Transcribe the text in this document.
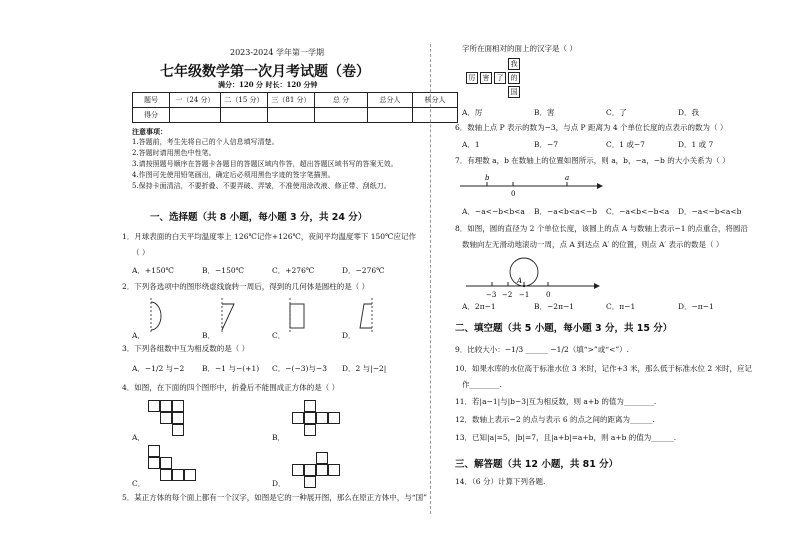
2023-2024 学年第一学期
七年级数学第一次月考试题（卷）
满分：120 分 时长：120 分钟
题号	一（24 分）	二（15 分）	三（81 分）	总 分	总分人	核分人
得分						
注意事项：
1.答题前，考生先将自己的个人信息填写清楚。
2.答题时请用黑色中性笔。
3.请按照题号顺序在答题卡各题目的答题区域内作答，超出答题区域书写的答案无效。
4.作图可先使用铅笔画出，确定后必须用黑色字迹的签字笔描黑。
5.保持卡面清洁，不要折叠、不要弄破、弄皱，不准使用涂改液、修正带、刮纸刀。
一、选择题（共 8 小题，每小题 3 分，共 24 分）
1．月球表面的白天平均温度零上 126℃记作+126℃，夜间平均温度零下 150℃应记作
（ ）
A．+150℃	B．−150℃	C．+276℃	D．−276℃
2．下列各选项中的图形绕虚线旋转一周后，得到的几何体是圆柱的是（ ）
A．	B．	C．	D．
3．下列各组数中互为相反数的是（ ）
A．−1/2 与−2 B．−1 与−(+1) C．−(−3)与−3 D．2 与|−2|
4．如图，在下面的四个图形中，折叠后不能围成正方体的是（ ）
A．	B．
C．	D．
5．某正方体的每个面上都有一个汉字，如图是它的一种展开图，那么在原正方体中，与“国”
字所在面相对的面上的汉字是（ ）
厉	害	了
我
的
国
A．厉	B．害	C．了	D．我
6．数轴上点 P 表示的数为−3，与点 P 距离为 4 个单位长度的点表示的数为（ ）
A．1	B．−7	C．1 或−7	D．1 或 7
7．有理数 a，b 在数轴上的位置如图所示，则 a，b，−a，−b 的大小关系为（ ）
b
0
a
A．−a<−b<b<a B．−a<b<a<−b C．−a<b<−b<a D．−a<−b<a<b
8．如图，圆的直径为 2 个单位长度，该圆上的点 A 与数轴上表示−1 的点重合，将圆沿
数轴向左无滑动地滚动一周，点 A 到达点 A′ 的位置，则点 A′ 表示的数是（ ）
A
−3 −2 −1 0
A．2π−1	B．−2π−1	C．π−1	D．−π−1
二、填空题（共 5 小题，每小题 3 分，共 15 分）
9．比较大小：−1/3 ______ −1/2（填“>”或“<”）.
10．如果水库的水位高于标准水位 3 米时，记作+3 米，那么低于标准水位 2 米时，应记
作________.
11．若|a−1|与|b−3|互为相反数，则 a+b 的值为________.
12．数轴上表示−2 的点与表示 6 的点之间的距离为______.
13．已知|a|=5，|b|=7，且|a+b|=a+b，则 a+b 的值为______.
三、解答题（共 12 小题，共 81 分）
14．（6 分）计算下列各题.
